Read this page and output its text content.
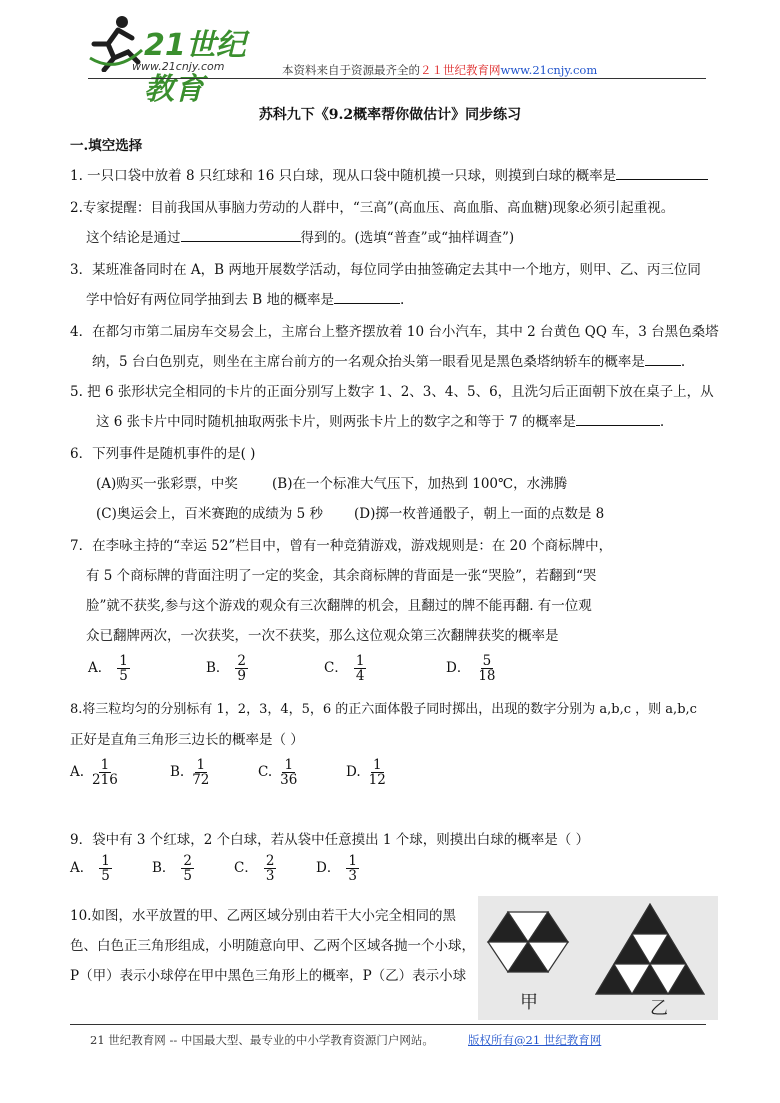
21世纪教育
www.21cnjy.com	本资料来自于资源最齐全的２１世纪教育网www.21cnjy.com
苏科九下《9.2概率帮你做估计》同步练习
一.填空选择
1. 一只口袋中放着 8 只红球和 16 只白球，现从口袋中随机摸一只球，则摸到白球的概率是
2.专家提醒：目前我国从事脑力劳动的人群中，“三高”(高血压、高血脂、高血糖)现象必须引起重视。
这个结论是通过	得到的。(选填“普查”或“抽样调查”)
3．某班准备同时在 A，B 两地开展数学活动，每位同学由抽签确定去其中一个地方，则甲、乙、丙三位同
学中恰好有两位同学抽到去 B 地的概率是	.
4．在都匀市第二届房车交易会上，主席台上整齐摆放着 10 台小汽车，其中 2 台黄色 QQ 车，3 台黑色桑塔
纳，5 台白色别克，则坐在主席台前方的一名观众抬头第一眼看见是黑色桑塔纳轿车的概率是	.
5. 把 6 张形状完全相同的卡片的正面分别写上数字 1、2、3、4、5、6，且洗匀后正面朝下放在桌子上，从
这 6 张卡片中同时随机抽取两张卡片，则两张卡片上的数字之和等于 7 的概率是	.
6．下列事件是随机事件的是( )
(A)购买一张彩票，中奖	(B)在一个标准大气压下，加热到 100℃，水沸腾
(C)奥运会上，百米赛跑的成绩为 5 秒 (D)掷一枚普通骰子，朝上一面的点数是 8
7．在李咏主持的“幸运 52”栏目中，曾有一种竞猜游戏，游戏规则是：在 20 个商标牌中，
有 5 个商标牌的背面注明了一定的奖金，其余商标牌的背面是一张“哭脸”，若翻到“哭
脸”就不获奖,参与这个游戏的观众有三次翻牌的机会，且翻过的牌不能再翻. 有一位观
众已翻牌两次，一次获奖，一次不获奖，那么这位观众第三次翻牌获奖的概率是
A． $\frac{1}{5}$	B． $\frac{2}{9}$	C． $\frac{1}{4}$	D． $\frac{5}{18}$
8.将三粒均匀的分别标有 1，2，3，4，5，6 的正六面体骰子同时掷出，出现的数字分别为 a,b,c ，则 a,b,c
正好是直角三角形三边长的概率是（ ）
A. $\frac{1}{216}$	B. $\frac{1}{72}$	C. $\frac{1}{36}$	D. $\frac{1}{12}$
9．袋中有 3 个红球，2 个白球，若从袋中任意摸出 1 个球，则摸出白球的概率是（ ）
A． $\frac{1}{5}$	B． $\frac{2}{5}$	C． $\frac{2}{3}$	D． $\frac{1}{3}$
10.如图，水平放置的甲、乙两区域分别由若干大小完全相同的黑
色、白色正三角形组成，小明随意向甲、乙两个区域各抛一个小球，
P（甲）表示小球停在甲中黑色三角形上的概率，P（乙）表示小球
甲	乙
21 世纪教育网 -- 中国最大型、最专业的中小学教育资源门户网站。	版权所有@21 世纪教育网
